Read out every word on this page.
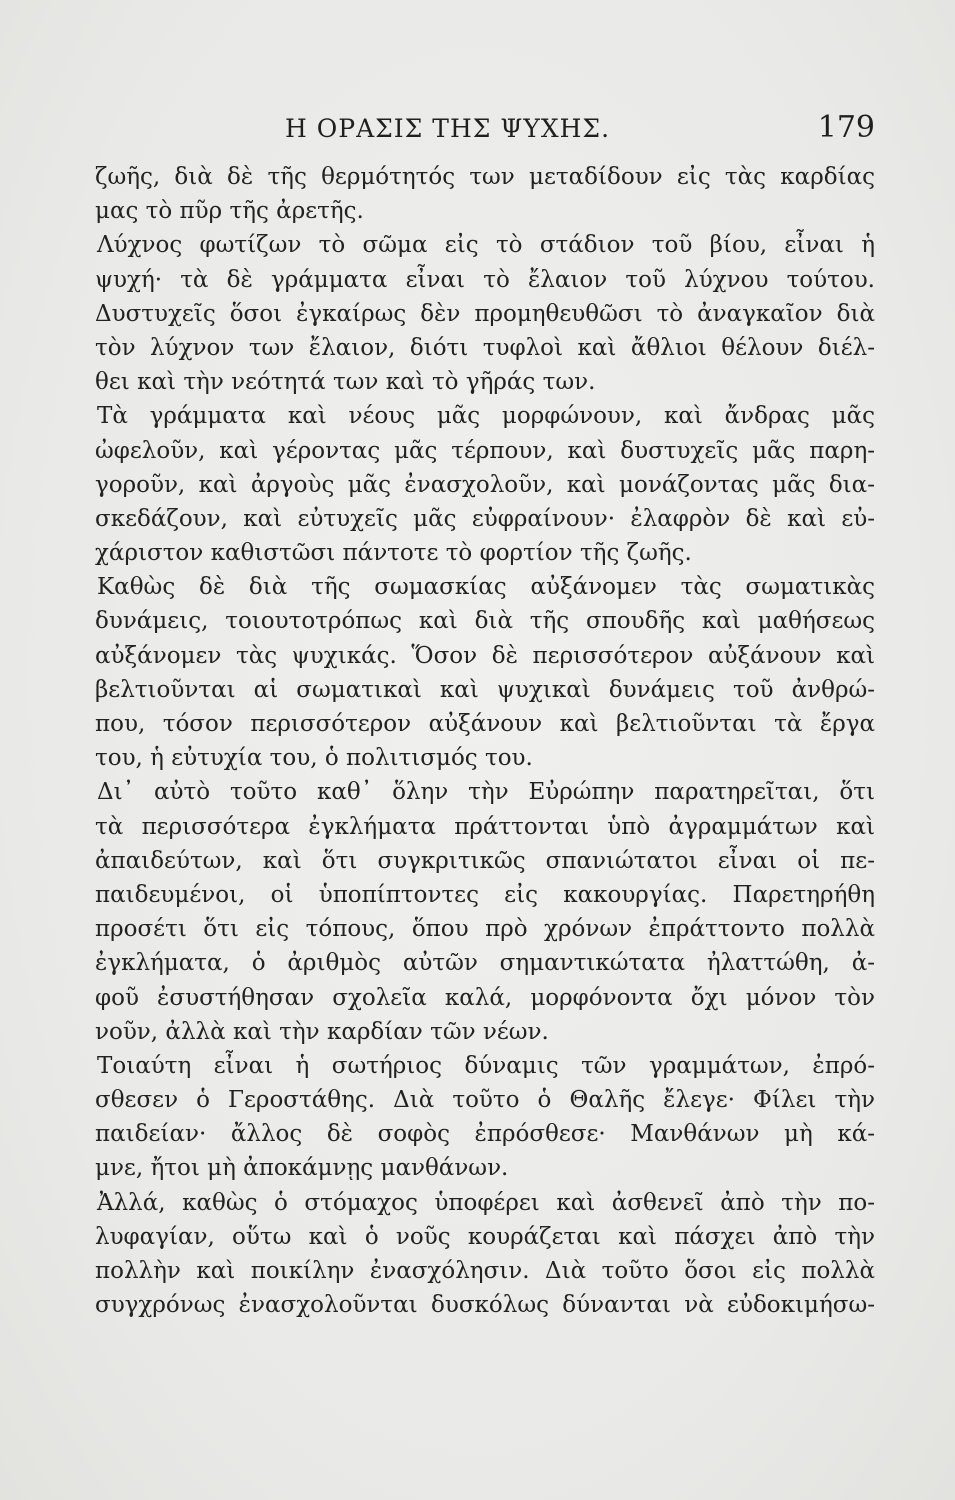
Η ΟΡΑΣΙΣ ΤΗΣ ΨΥΧΗΣ.	179
ζωῆς, διὰ δὲ τῆς θερμότητός των μεταδίδουν εἰς τὰς καρδίας
μας τὸ πῦρ τῆς ἀρετῆς.
Λύχνος φωτίζων τὸ σῶμα εἰς τὸ στάδιον τοῦ βίου, εἶναι ἡ
ψυχή· τὰ δὲ γράμματα εἶναι τὸ ἔλαιον τοῦ λύχνου τούτου.
Δυστυχεῖς ὅσοι ἐγκαίρως δὲν προμηθευθῶσι τὸ ἀναγκαῖον διὰ
τὸν λύχνον των ἔλαιον, διότι τυφλοὶ καὶ ἄθλιοι θέλουν διέλ-
θει καὶ τὴν νεότητά των καὶ τὸ γῆράς των.
Τὰ γράμματα καὶ νέους μᾶς μορφώνουν, καὶ ἄνδρας μᾶς
ὠφελοῦν, καὶ γέροντας μᾶς τέρπουν, καὶ δυστυχεῖς μᾶς παρη-
γοροῦν, καὶ ἀργοὺς μᾶς ἐνασχολοῦν, καὶ μονάζοντας μᾶς δια-
σκεδάζουν, καὶ εὐτυχεῖς μᾶς εὐφραίνουν· ἐλαφρὸν δὲ καὶ εὐ-
χάριστον καθιστῶσι πάντοτε τὸ φορτίον τῆς ζωῆς.
Καθὼς δὲ διὰ τῆς σωμασκίας αὐξάνομεν τὰς σωματικὰς
δυνάμεις, τοιουτοτρόπως καὶ διὰ τῆς σπουδῆς καὶ μαθήσεως
αὐξάνομεν τὰς ψυχικάς. Ὅσον δὲ περισσότερον αὐξάνουν καὶ
βελτιοῦνται αἱ σωματικαὶ καὶ ψυχικαὶ δυνάμεις τοῦ ἀνθρώ-
που, τόσον περισσότερον αὐξάνουν καὶ βελτιοῦνται τὰ ἔργα
του, ἡ εὐτυχία του, ὁ πολιτισμός του.
Δι᾽ αὐτὸ τοῦτο καθ᾽ ὅλην τὴν Εὐρώπην παρατηρεῖται, ὅτι
τὰ περισσότερα ἐγκλήματα πράττονται ὑπὸ ἀγραμμάτων καὶ
ἀπαιδεύτων, καὶ ὅτι συγκριτικῶς σπανιώτατοι εἶναι οἱ πε-
παιδευμένοι, οἱ ὑποπίπτοντες εἰς κακουργίας. Παρετηρήθη
προσέτι ὅτι εἰς τόπους, ὅπου πρὸ χρόνων ἐπράττοντο πολλὰ
ἐγκλήματα, ὁ ἀριθμὸς αὐτῶν σημαντικώτατα ἠλαττώθη, ἀ-
φοῦ ἐσυστήθησαν σχολεῖα καλά, μορφόνοντα ὄχι μόνον τὸν
νοῦν, ἀλλὰ καὶ τὴν καρδίαν τῶν νέων.
Τοιαύτη εἶναι ἡ σωτήριος δύναμις τῶν γραμμάτων, ἐπρό-
σθεσεν ὁ Γεροστάθης. Διὰ τοῦτο ὁ Θαλῆς ἔλεγε· Φίλει τὴν
παιδείαν· ἄλλος δὲ σοφὸς ἐπρόσθεσε· Μανθάνων μὴ κά-
μνε, ἤτοι μὴ ἀποκάμνῃς μανθάνων.
Ἀλλά, καθὼς ὁ στόμαχος ὑποφέρει καὶ ἀσθενεῖ ἀπὸ τὴν πο-
λυφαγίαν, οὕτω καὶ ὁ νοῦς κουράζεται καὶ πάσχει ἀπὸ τὴν
πολλὴν καὶ ποικίλην ἐνασχόλησιν. Διὰ τοῦτο ὅσοι εἰς πολλὰ
συγχρόνως ἐνασχολοῦνται δυσκόλως δύνανται νὰ εὐδοκιμήσω-
